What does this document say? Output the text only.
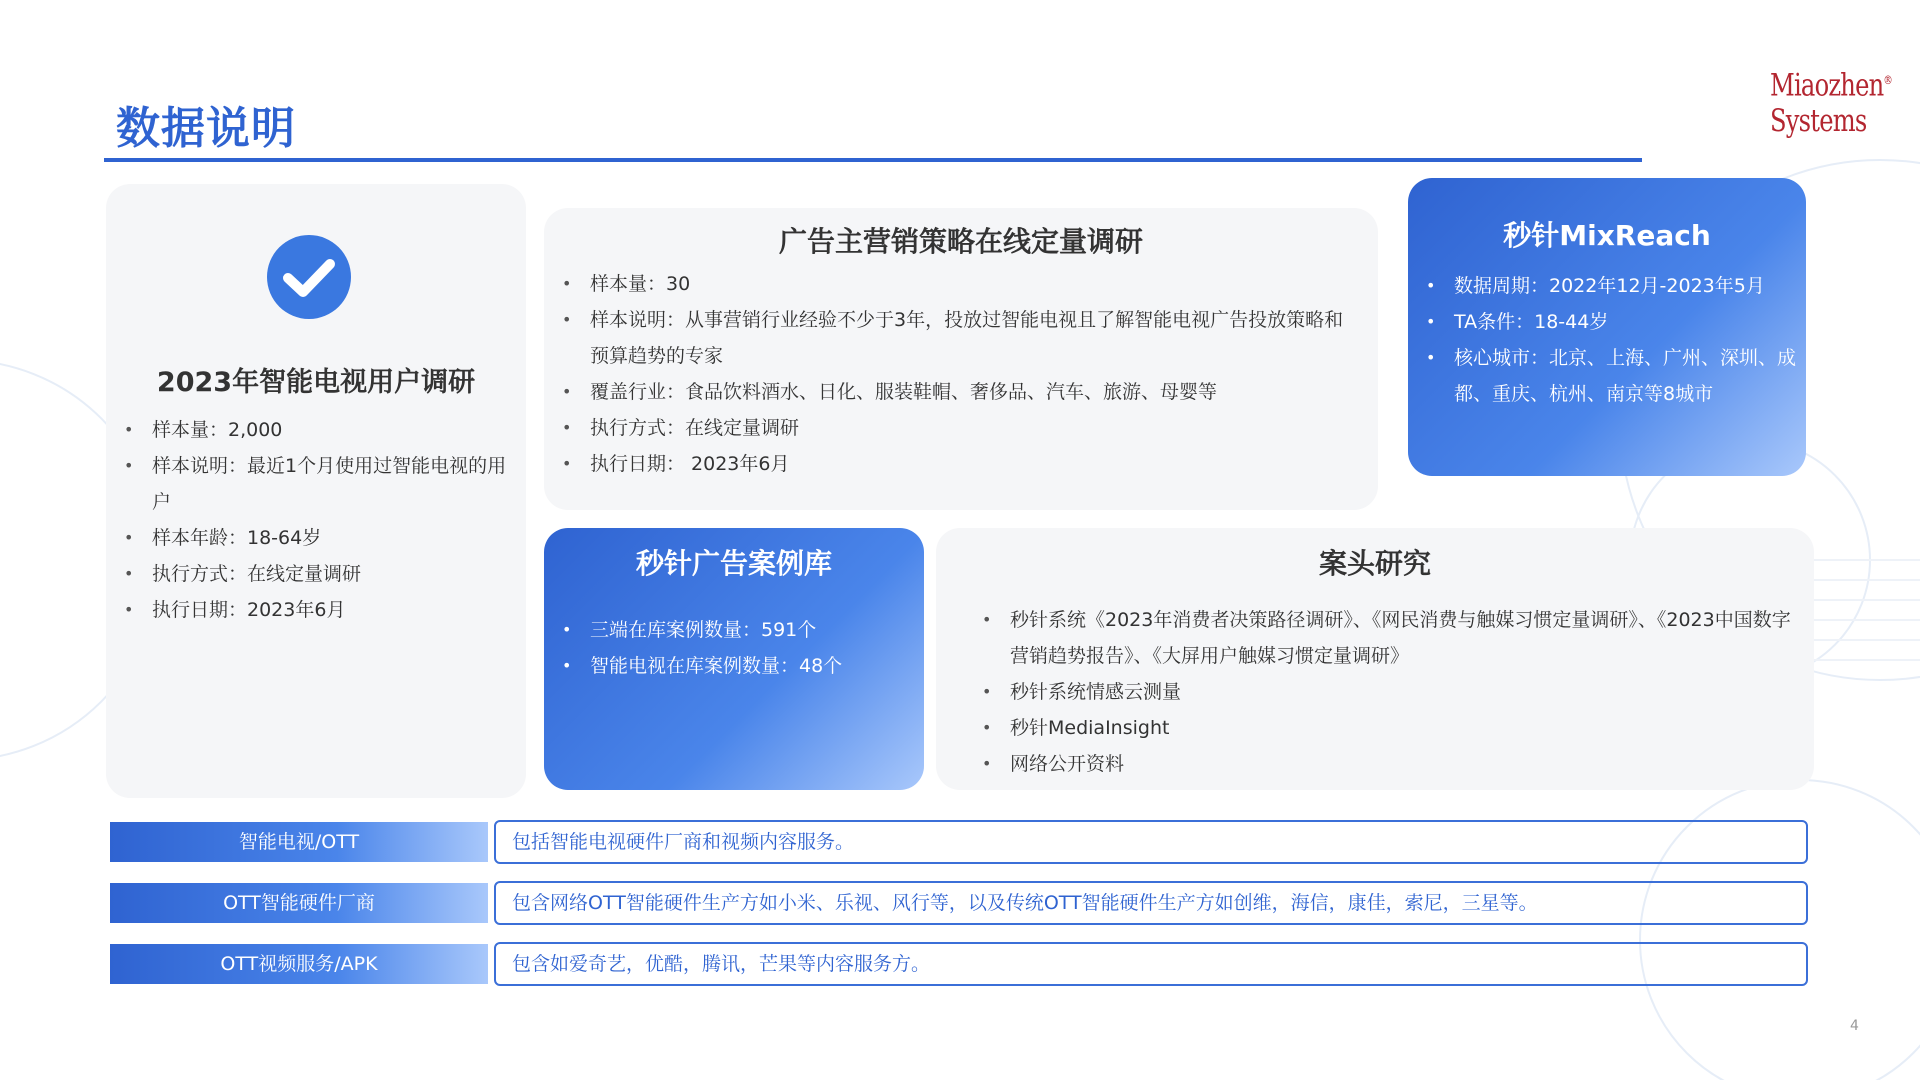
数据说明
Miaozhen®
Systems
2023年智能电视用户调研
• 样本量：2,000
• 样本说明：最近1个月使用过智能电视的用户
• 样本年龄：18-64岁
• 执行方式：在线定量调研
• 执行日期：2023年6月
广告主营销策略在线定量调研
• 样本量：30
• 样本说明：从事营销行业经验不少于3年，投放过智能电视且了解智能电视广告投放策略和预算趋势的专家
• 覆盖行业：食品饮料酒水、日化、服装鞋帽、奢侈品、汽车、旅游、母婴等
• 执行方式：在线定量调研
• 执行日期： 2023年6月
秒针MixReach
• 数据周期：2022年12月-2023年5月
• TA条件：18-44岁
• 核心城市：北京、上海、广州、深圳、成都、重庆、杭州、南京等8城市
秒针广告案例库
• 三端在库案例数量：591个
• 智能电视在库案例数量：48个
案头研究
• 秒针系统《2023年消费者决策路径调研》、《网民消费与触媒习惯定量调研》、《2023中国数字营销趋势报告》、《大屏用户触媒习惯定量调研》
• 秒针系统情感云测量
• 秒针MediaInsight
• 网络公开资料
智能电视/OTT	包括智能电视硬件厂商和视频内容服务。
OTT智能硬件厂商	包含网络OTT智能硬件生产方如小米、乐视、风行等，以及传统OTT智能硬件生产方如创维，海信，康佳，索尼，三星等。
OTT视频服务/APK	包含如爱奇艺，优酷，腾讯，芒果等内容服务方。
4
